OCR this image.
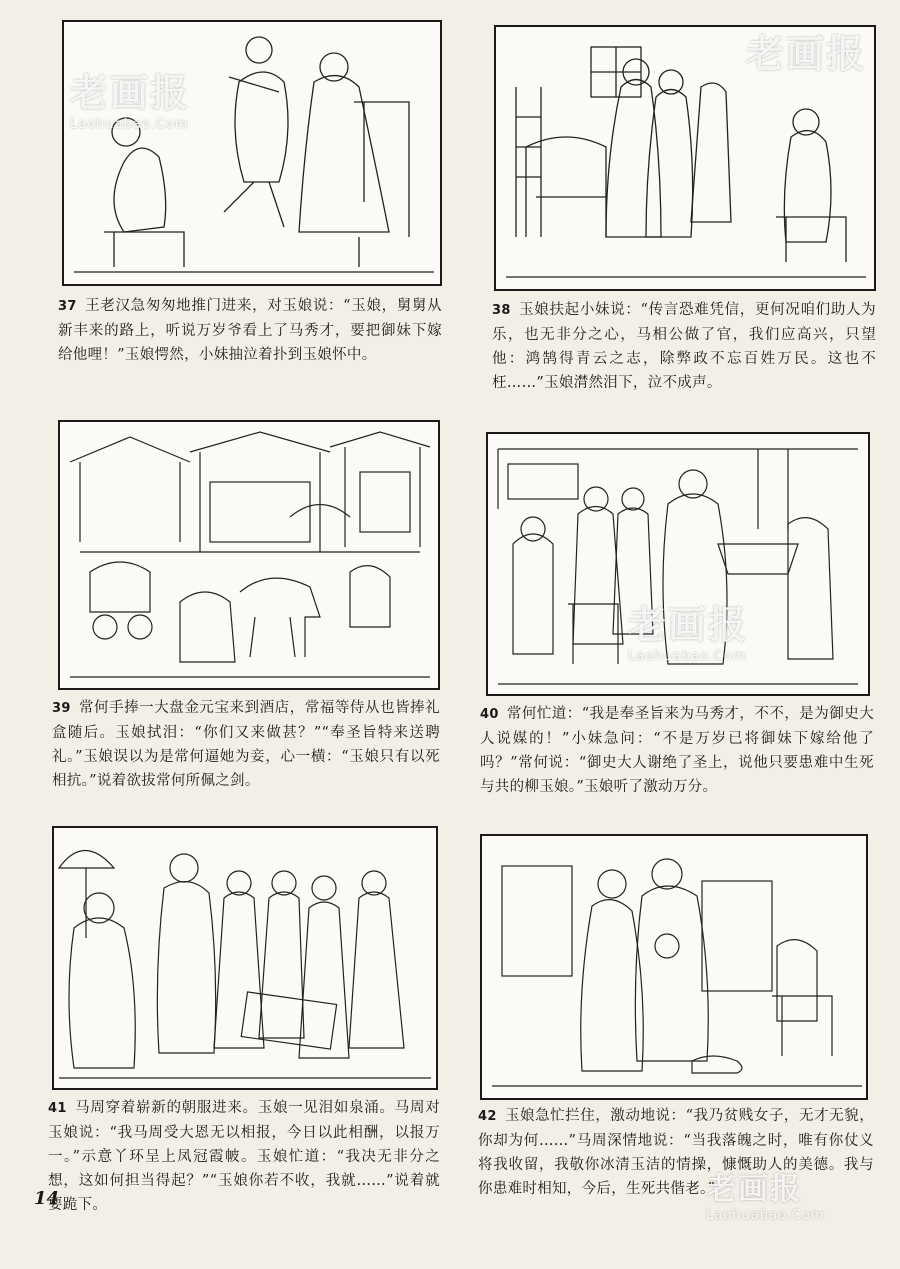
老画报
Laohuabao.Com
37 王老汉急匆匆地推门进来，对玉娘说：“玉娘，舅舅从新丰来的路上，听说万岁爷看上了马秀才，要把御妹下嫁给他哩！”玉娘愕然，小妹抽泣着扑到玉娘怀中。
老画报
38 玉娘扶起小妹说：“传言恐难凭信，更何况咱们助人为乐，也无非分之心，马相公做了官，我们应高兴，只望他：鸿鹄得青云之志，除弊政不忘百姓万民。这也不枉……”玉娘潸然泪下，泣不成声。
39 常何手捧一大盘金元宝来到酒店，常福等侍从也皆捧礼盒随后。玉娘拭泪：“你们又来做甚？”“奉圣旨特来送聘礼。”玉娘误以为是常何逼她为妾，心一横：“玉娘只有以死相抗。”说着欲拔常何所佩之剑。
老画报
Laohuabao.Com
40 常何忙道：“我是奉圣旨来为马秀才，不不，是为御史大人说媒的！”小妹急问：“不是万岁已将御妹下嫁给他了吗？”常何说：“御史大人谢绝了圣上，说他只要患难中生死与共的柳玉娘。”玉娘听了激动万分。
41 马周穿着崭新的朝服进来。玉娘一见泪如泉涌。马周对玉娘说：“我马周受大恩无以相报，今日以此相酬，以报万一。”示意丫环呈上凤冠霞帔。玉娘忙道：“我决无非分之想，这如何担当得起？”“玉娘你若不收，我就……”说着就要跪下。
42 玉娘急忙拦住，激动地说：“我乃贫贱女子，无才无貌，你却为何……”马周深情地说：“当我落魄之时，唯有你仗义将我收留，我敬你冰清玉洁的情操，慷慨助人的美德。我与你患难时相知，今后，生死共偕老。”
老画报
Laohuabao.Com
14
